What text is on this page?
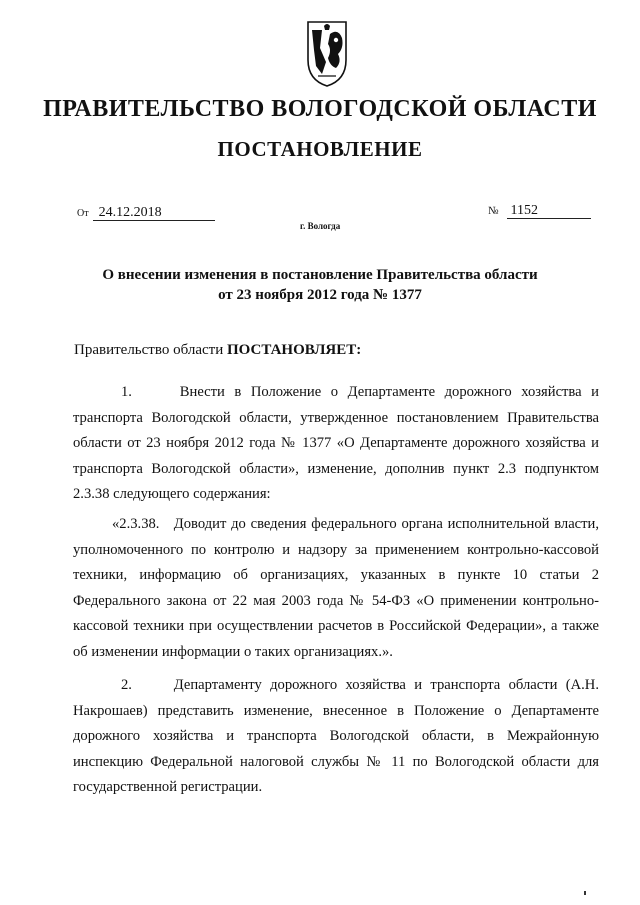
ПРАВИТЕЛЬСТВО ВОЛОГОДСКОЙ ОБЛАСТИ
ПОСТАНОВЛЕНИЕ
От 24.12.2018	№ 1152
г. Вологда
О внесении изменения в постановление Правительства области
от 23 ноября 2012 года № 1377
Правительство области ПОСТАНОВЛЯЕТ:
1.     Внести в Положение о Департаменте дорожного хозяйства и транспорта Вологодской области, утвержденное постановлением Правительства области от 23 ноября 2012 года № 1377 «О Департаменте дорожного хозяйства и транспорта Вологодской области», изменение, дополнив пункт 2.3 подпунктом 2.3.38 следующего содержания:
«2.3.38.   Доводит до сведения федерального органа исполнительной власти, уполномоченного по контролю и надзору за применением контрольно-кассовой техники, информацию об организациях, указанных в пункте 10 статьи 2 Федерального закона от 22 мая 2003 года № 54-ФЗ «О применении контрольно-кассовой техники при осуществлении расчетов в Российской Федерации», а также об изменении информации о таких организациях.».
2.     Департаменту дорожного хозяйства и транспорта области (А.Н. Накрошаев) представить изменение, внесенное в Положение о Департаменте дорожного хозяйства и транспорта Вологодской области, в Межрайонную инспекцию Федеральной налоговой службы № 11 по Вологодской области для государственной регистрации.
